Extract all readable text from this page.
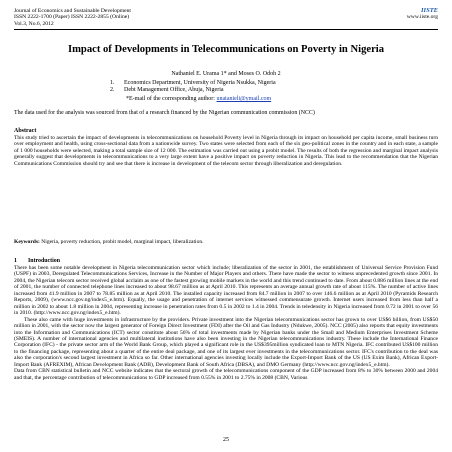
Journal of Economics and Sustainable Development
ISSN 2222-1700 (Paper) ISSN 2222-2855 (Online)
Vol.3, No.6, 2012
IISTE
www.iiste.org
Impact of Developments in Telecommunications on Poverty in Nigeria
Nathaniel E. Urama 1* and Moses O. Odoh 2
1. Economics Department, University of Nigeria Nsukka, Nigeria
2. Debt Management Office, Abuja, Nigeria
*E-mail of the corresponding author: unatanieli@ymail.com
The data used for the analysis was sourced from that of a research financed by the Nigerian communication commission (NCC)
Abstract
This study tried to ascertain the impact of developments in telecommunications on household Poverty level in Nigeria through its impact on household per capita income, small business turn over employment and health, using cross-sectional data from a nationwide survey. Two states were selected from each of the six geo-political zones in the country and in each state, a sample of 1 000 households were selected, making a total sample size of 12 000. The estimation was carried out using a probit model. The results of both the regression and marginal impact analysis generally suggest that developments in telecommunications to a very large extent have a positive impact on poverty reduction in Nigeria. This lead to the recommendation that the Nigerian Communications Commission should try and see that there is increase in development of the telecom sector through liberalization and deregulation.
Keywords: Nigeria, poverty reduction, probit model, marginal impact, liberalization.
1 Introduction

There has been some notable development in Nigeria telecommunication sector which include; liberalization of the sector in 2001, the establishment of Universal Service Provision Fund (USPF) in 2003, Deregulated Telecommunications Services, Increase in the Number of Major Players and others. There have made the sector to witness unprecedented growth since 2001. In 2004, the Nigerian telecom sector received global acclaim as one of the fastest growing mobile markets in the world and this trend continued to date. From about 0.886 million lines at the end of 2001, the number of connected telephone lines increased to about 98.67 million as at April 2010. This represents an average annual growth rate of about 115%. The number of active lines increased from 41.9 million in 2007 to 78.85 million as at April 2010. The installed capacity increased from 84.7 million in 2007 to over 146.6 million as at April 2010 (Pyramids Research Reports, 2009), (www.ncc.gov.ng/index5_e.htm). Equally, the usage and penetration of internet services witnessed commensurate growth. Internet users increased from less than half a million in 2002 to about 1.8 million in 2004, representing increase in penetration rates from 0.5 in 2002 to 1.4 in 2004. Trends in teledensity in Nigeria increased from 0.72 in 2001 to over 56 in 2010. (http://www.ncc.gov.ng/index5_e.htm).

These also came with huge investments in infrastructure by the providers. Private investment into the Nigerian telecommunications sector has grown to over US$6 billion, from US$50 million in 2001, with the sector now the largest generator of Foreign Direct Investment (FDI) after the Oil and Gas Industry (Ndukwe, 2005). NCC (2005) also reports that equity investments into the Information and Communications (ICT) sector constitute about 56% of total investments made by Nigerian banks under the Small and Medium Enterprises Investment Scheme (SMEIS). A number of international agencies and multilateral institutions have also been investing in the Nigerian telecommunications industry. These include the International Finance Corporation (IFC) - the private sector arm of the World Bank Group, which played a significant role in the US$395million syndicated loan to MTN Nigeria. IFC contributed US$100 million to the financing package, representing about a quarter of the entire deal package, and one of its largest ever investments in the telecommunications sector. IFC's contribution to the deal was also the corporation's second largest investment in Africa so far. Other international agencies investing locally include the Export-Import Bank of the US (US Exim Bank), African Export-Import Bank (AFREXIM), African Development Bank (ADB), Development Bank of South Africa (DBSA), and DMO Germany (http://www.ncc.gov.ng/index5_e.htm).

Data from CBN statistical bulletin and NCC website indicates that the sectoral growth of the telecommunications component of the GDP increased from 8% to 30% between 2000 and 2004 and that, the percentage contribution of telecommunications to GDP increased from 0.55% in 2001 to 2.75% in 2008 (CBN, Various

25
